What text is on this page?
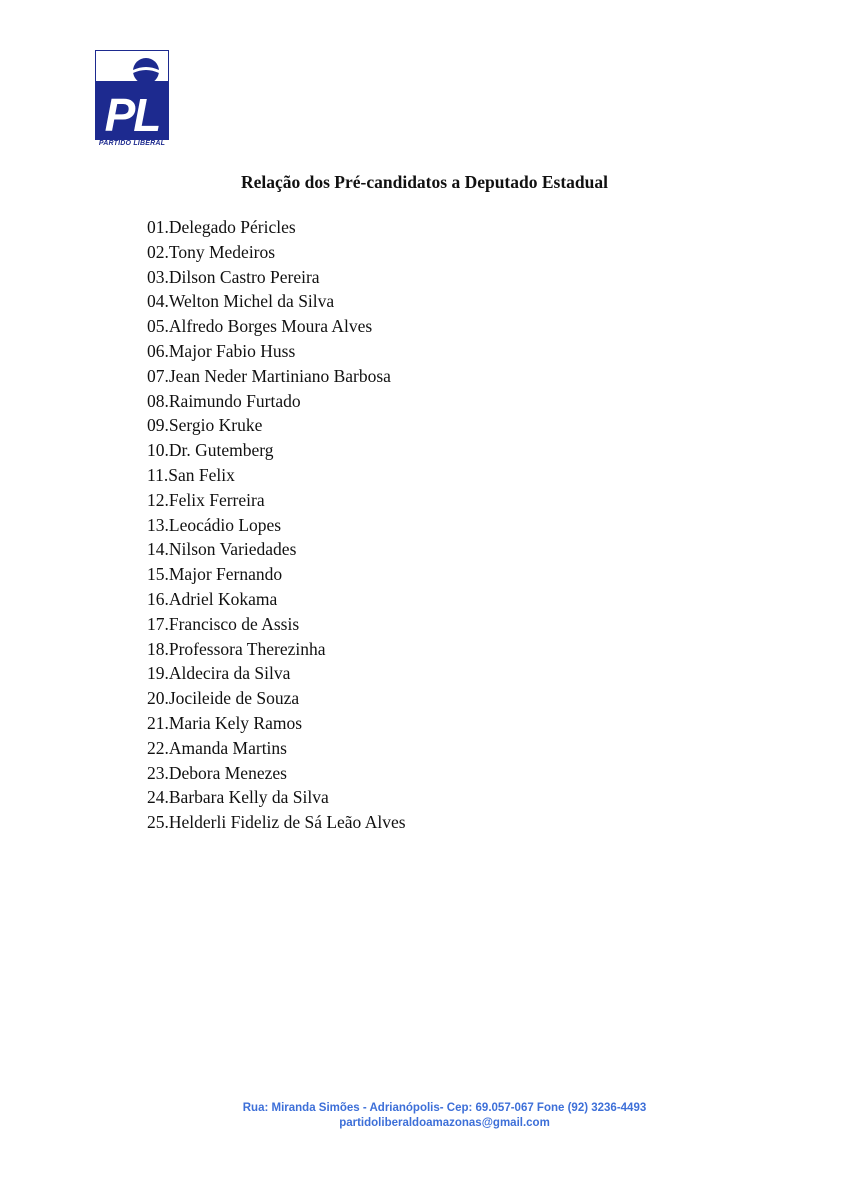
PL
PARTIDO LIBERAL
Relação dos Pré-candidatos a Deputado Estadual
01.Delegado Péricles
02.Tony Medeiros
03.Dilson Castro Pereira
04.Welton Michel da Silva
05.Alfredo Borges Moura Alves
06.Major Fabio Huss
07.Jean Neder Martiniano Barbosa
08.Raimundo Furtado
09.Sergio Kruke
10.Dr. Gutemberg
11.San Felix
12.Felix Ferreira
13.Leocádio Lopes
14.Nilson Variedades
15.Major Fernando
16.Adriel Kokama
17.Francisco de Assis
18.Professora Therezinha
19.Aldecira da Silva
20.Jocileide de Souza
21.Maria Kely Ramos
22.Amanda Martins
23.Debora Menezes
24.Barbara Kelly da Silva
25.Helderli Fideliz de Sá Leão Alves
Rua: Miranda Simões - Adrianópolis- Cep: 69.057-067 Fone (92) 3236-4493
partidoliberaldoamazonas@gmail.com
